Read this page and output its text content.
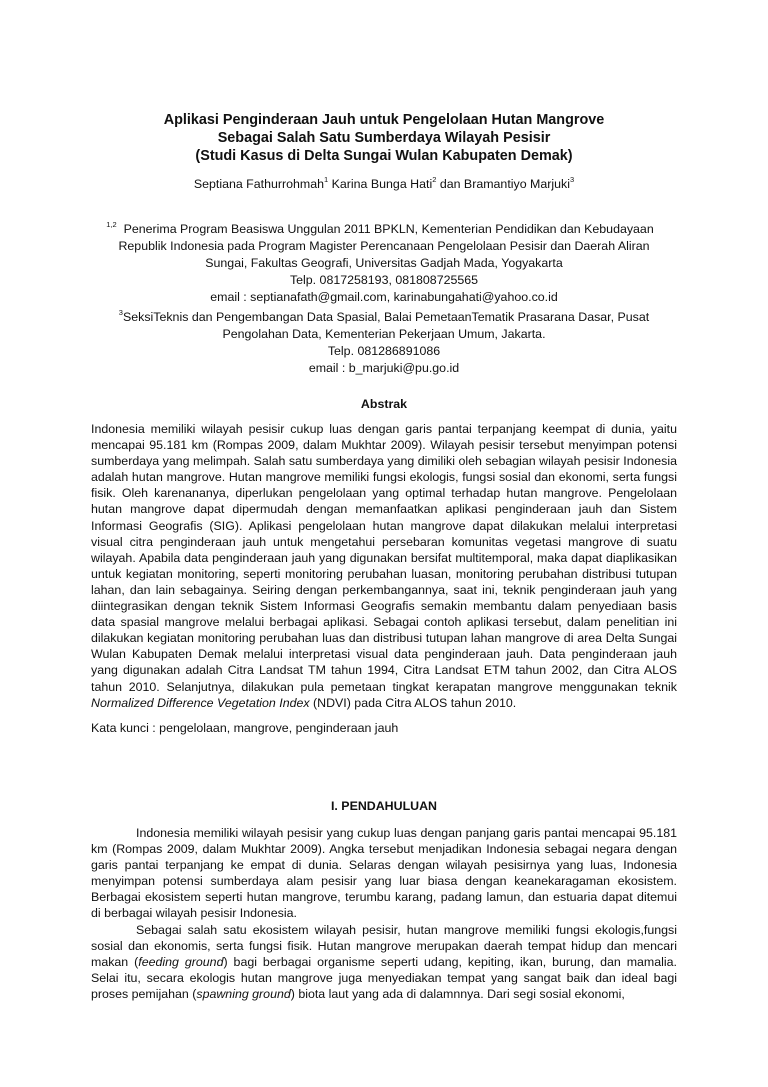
Aplikasi Penginderaan Jauh untuk Pengelolaan Hutan Mangrove
Sebagai Salah Satu Sumberdaya Wilayah Pesisir
(Studi Kasus di Delta Sungai Wulan Kabupaten Demak)
Septiana Fathurrohmah$^1$ Karina Bunga Hati$^2$ dan Bramantiyo Marjuki$^3$
$^{1,2}$  Penerima Program Beasiswa Unggulan 2011 BPKLN, Kementerian Pendidikan dan Kebudayaan
Republik Indonesia pada Program Magister Perencanaan Pengelolaan Pesisir dan Daerah Aliran
Sungai, Fakultas Geografi, Universitas Gadjah Mada, Yogyakarta
Telp. 0817258193, 081808725565
email : septianafath@gmail.com, karinabungahati@yahoo.co.id
$^3$SeksiTeknis dan Pengembangan Data Spasial, Balai PemetaanTematik Prasarana Dasar, Pusat
Pengolahan Data, Kementerian Pekerjaan Umum, Jakarta.
Telp. 081286891086
email : b_marjuki@pu.go.id
Abstrak
Indonesia memiliki wilayah pesisir cukup luas dengan garis pantai terpanjang keempat di dunia, yaitu mencapai 95.181 km (Rompas 2009, dalam Mukhtar 2009). Wilayah pesisir tersebut menyimpan potensi sumberdaya yang melimpah. Salah satu sumberdaya yang dimiliki oleh sebagian wilayah pesisir Indonesia adalah hutan mangrove. Hutan mangrove memiliki fungsi ekologis, fungsi sosial dan ekonomi, serta fungsi fisik. Oleh karenananya, diperlukan pengelolaan yang optimal terhadap hutan mangrove. Pengelolaan hutan mangrove dapat dipermudah dengan memanfaatkan aplikasi penginderaan jauh dan Sistem Informasi Geografis (SIG). Aplikasi pengelolaan hutan mangrove dapat dilakukan melalui interpretasi visual citra penginderaan jauh untuk mengetahui persebaran komunitas vegetasi mangrove di suatu wilayah. Apabila data penginderaan jauh yang digunakan bersifat multitemporal, maka dapat diaplikasikan untuk kegiatan monitoring, seperti monitoring perubahan luasan, monitoring perubahan distribusi tutupan lahan, dan lain sebagainya. Seiring dengan perkembangannya, saat ini, teknik penginderaan jauh yang diintegrasikan dengan teknik Sistem Informasi Geografis semakin membantu dalam penyediaan basis data spasial mangrove melalui berbagai aplikasi. Sebagai contoh aplikasi tersebut, dalam penelitian ini dilakukan kegiatan monitoring perubahan luas dan distribusi tutupan lahan mangrove di area Delta Sungai Wulan Kabupaten Demak melalui interpretasi visual data penginderaan jauh. Data penginderaan jauh yang digunakan adalah Citra Landsat TM tahun 1994, Citra Landsat ETM tahun 2002, dan Citra ALOS tahun 2010. Selanjutnya, dilakukan pula pemetaan tingkat kerapatan mangrove menggunakan teknik Normalized Difference Vegetation Index (NDVI) pada Citra ALOS tahun 2010.
Kata kunci : pengelolaan, mangrove, penginderaan jauh
I. PENDAHULUAN

Indonesia memiliki wilayah pesisir yang cukup luas dengan panjang garis pantai mencapai 95.181 km (Rompas 2009, dalam Mukhtar 2009). Angka tersebut menjadikan Indonesia sebagai negara dengan garis pantai terpanjang ke empat di dunia. Selaras dengan wilayah pesisirnya yang luas, Indonesia menyimpan potensi sumberdaya alam pesisir yang luar biasa dengan keanekaragaman ekosistem. Berbagai ekosistem seperti hutan mangrove, terumbu karang, padang lamun, dan estuaria dapat ditemui di berbagai wilayah pesisir Indonesia.

Sebagai salah satu ekosistem wilayah pesisir, hutan mangrove memiliki fungsi ekologis,fungsi sosial dan ekonomis, serta fungsi fisik. Hutan mangrove merupakan daerah tempat hidup dan mencari makan (feeding ground) bagi berbagai organisme seperti udang, kepiting, ikan, burung, dan mamalia. Selai itu, secara ekologis hutan mangrove juga menyediakan tempat yang sangat baik dan ideal bagi proses pemijahan (spawning ground) biota laut yang ada di dalamnnya. Dari segi sosial ekonomi,
